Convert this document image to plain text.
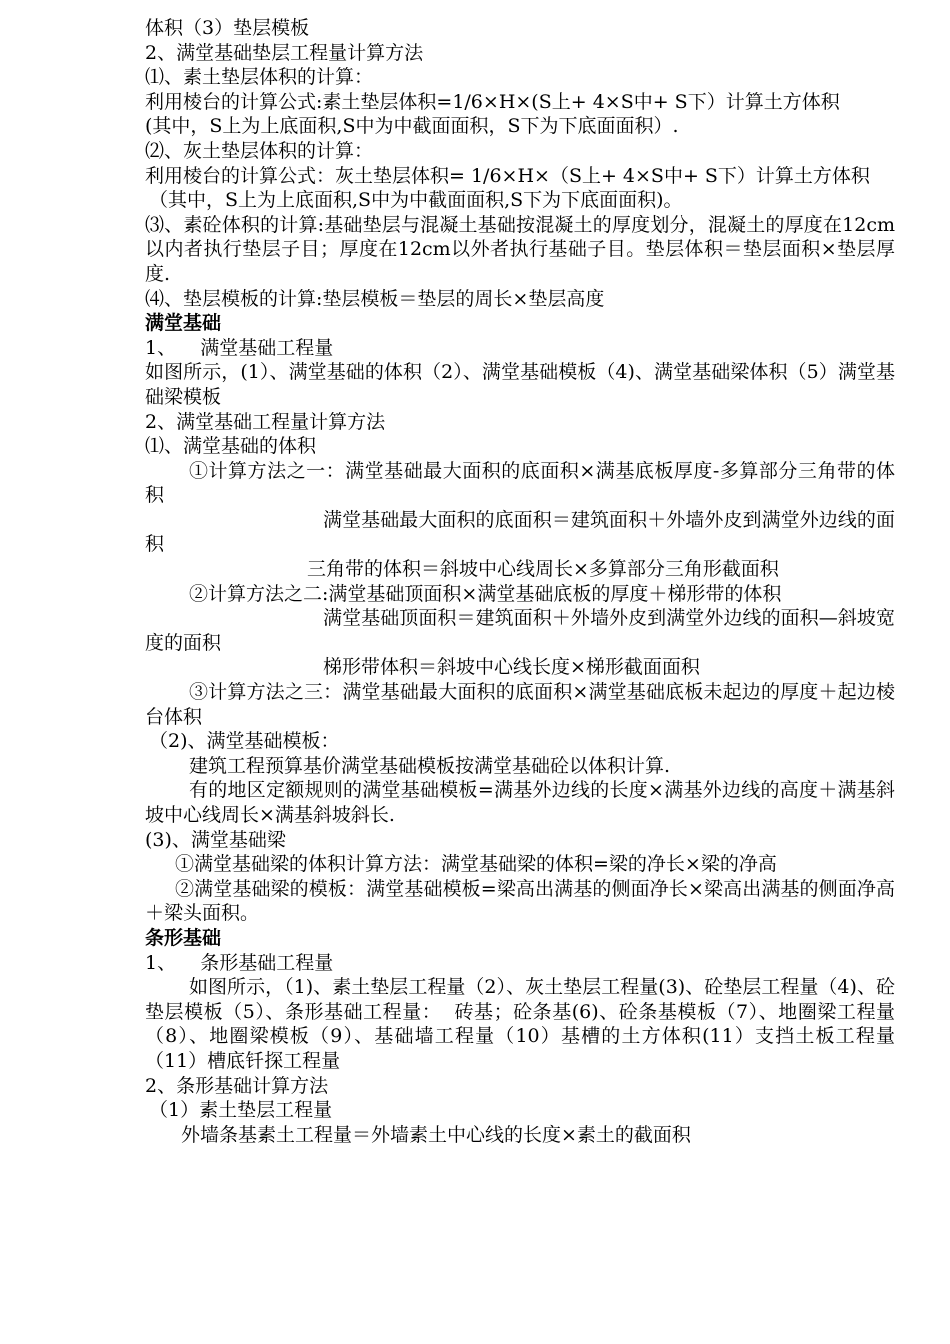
体积（3）垫层模板

2、满堂基础垫层工程量计算方法

⑴、素土垫层体积的计算：

利用棱台的计算公式:素土垫层体积=1/6×H×(S上+ 4×S中+ S下）计算土方体积

(其中，S上为上底面积,S中为中截面面积，S下为下底面面积）.

⑵、灰土垫层体积的计算：

利用棱台的计算公式：灰土垫层体积= 1/6×H×（S上+ 4×S中+ S下）计算土方体积

（其中，S上为上底面积,S中为中截面面积,S下为下底面面积)。

⑶、素砼体积的计算:基础垫层与混凝土基础按混凝土的厚度划分，混凝土的厚度在12cm以内者执行垫层子目；厚度在12cm以外者执行基础子目。垫层体积＝垫层面积×垫层厚度.

⑷、垫层模板的计算:垫层模板＝垫层的周长×垫层高度

满堂基础

1、    满堂基础工程量

如图所示，(1）、满堂基础的体积（2）、满堂基础模板（4)、满堂基础梁体积（5）满堂基础梁模板

2、满堂基础工程量计算方法

⑴、满堂基础的体积

①计算方法之一：满堂基础最大面积的底面积×满基底板厚度-多算部分三角带的体积

满堂基础最大面积的底面积＝建筑面积＋外墙外皮到满堂外边线的面积

三角带的体积＝斜坡中心线周长×多算部分三角形截面积

②计算方法之二:满堂基础顶面积×满堂基础底板的厚度＋梯形带的体积

满堂基础顶面积＝建筑面积＋外墙外皮到满堂外边线的面积—斜坡宽度的面积

梯形带体积＝斜坡中心线长度×梯形截面面积

③计算方法之三：满堂基础最大面积的底面积×满堂基础底板未起边的厚度＋起边棱台体积

（2)、满堂基础模板：

建筑工程预算基价满堂基础模板按满堂基础砼以体积计算.

有的地区定额规则的满堂基础模板=满基外边线的长度×满基外边线的高度＋满基斜坡中心线周长×满基斜坡斜长.

(3)、满堂基础梁

①满堂基础梁的体积计算方法：满堂基础梁的体积=梁的净长×梁的净高

②满堂基础梁的模板：满堂基础模板=梁高出满基的侧面净长×梁高出满基的侧面净高＋梁头面积。

条形基础

1、    条形基础工程量

如图所示，（1)、素土垫层工程量（2）、灰土垫层工程量(3)、砼垫层工程量（4)、砼垫层模板（5）、条形基础工程量：  砖基；砼条基(6)、砼条基模板（7）、地圈梁工程量（8）、地圈梁模板（9）、基础墙工程量（10）基槽的土方体积(11）支挡土板工程量（11）槽底钎探工程量

2、条形基础计算方法

（1）素土垫层工程量

外墙条基素土工程量＝外墙素土中心线的长度×素土的截面积
